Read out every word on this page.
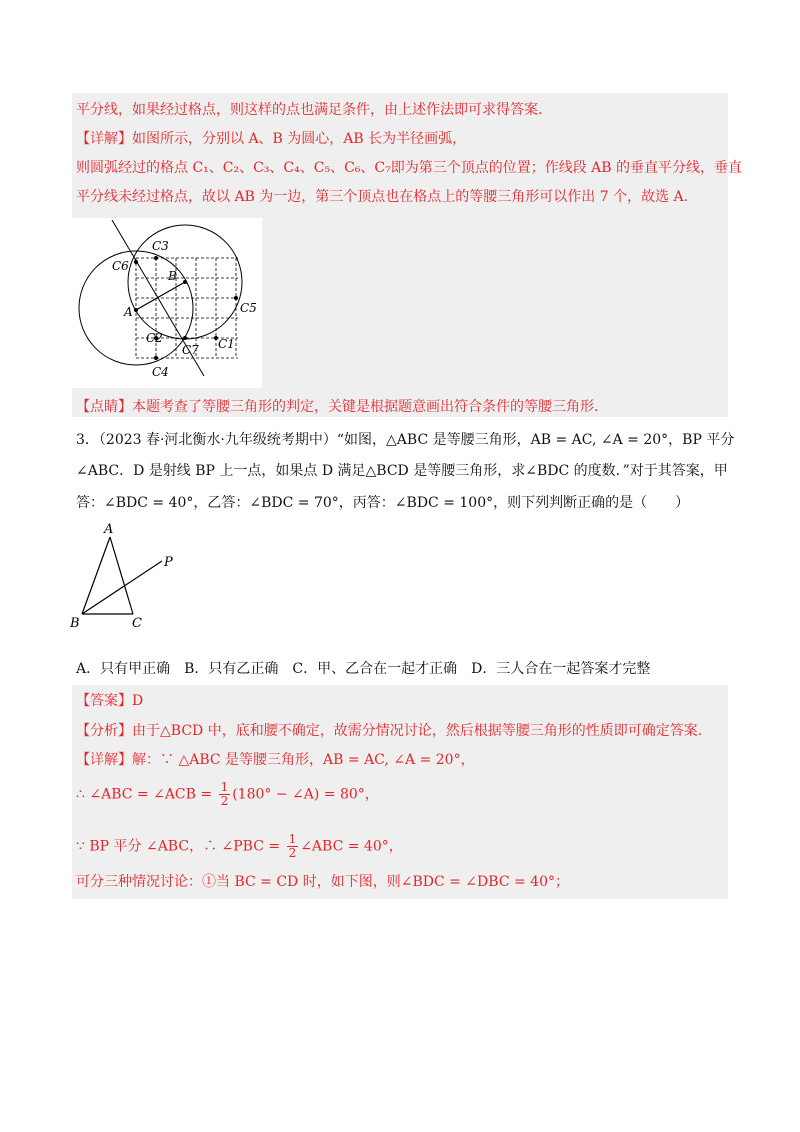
平分线，如果经过格点，则这样的点也满足条件，由上述作法即可求得答案.
【详解】如图所示，分别以 A、B 为圆心，AB 长为半径画弧，
则圆弧经过的格点 C₁、C₂、C₃、C₄、C₅、C₆、C₇即为第三个顶点的位置；作线段 AB 的垂直平分线，垂直
平分线未经过格点，故以 AB 为一边，第三个顶点也在格点上的等腰三角形可以作出 7 个，故选 A.
【点睛】本题考查了等腰三角形的判定，关键是根据题意画出符合条件的等腰三角形.
C3
C6
B
A	C5
C2
C7 C1
C4
3．（2023 春·河北衡水·九年级统考期中）“如图，△ABC 是等腰三角形，AB = AC, ∠A = 20°，BP 平分
∠ABC．D 是射线 BP 上一点，如果点 D 满足△BCD 是等腰三角形，求∠BDC 的度数．”对于其答案，甲
答：∠BDC = 40°，乙答：∠BDC = 70°，丙答：∠BDC = 100°，则下列判断正确的是（　　）
A
P
B	C
A．只有甲正确　B．只有乙正确　C．甲、乙合在一起才正确　D．三人合在一起答案才完整
【答案】D
【分析】由于△BCD 中，底和腰不确定，故需分情况讨论，然后根据等腰三角形的性质即可确定答案.
【详解】解：∵ △ABC 是等腰三角形，AB = AC, ∠A = 20°，
∴ ∠ABC = ∠ACB = $\frac{1}{2} (180^\circ$ − ∠A) = 80°，
∵ BP 平分 ∠ABC，∴ ∠PBC = $\frac{1}{2}$ ∠ABC = 40°，
可分三种情况讨论：①当 BC = CD 时，如下图，则∠BDC = ∠DBC = 40°；
